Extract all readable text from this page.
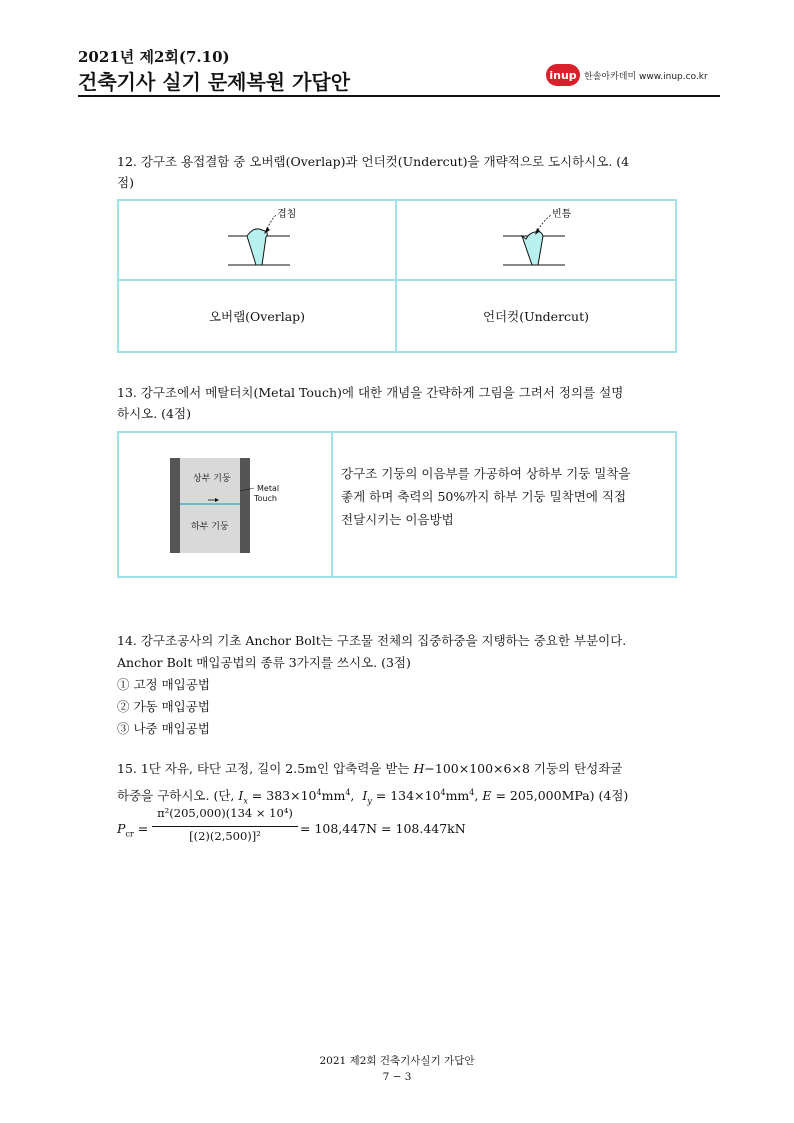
2021년 제2회(7.10)
건축기사 실기 문제복원 가답안	inup 한솔아카데미 www.inup.co.kr
12. 강구조 용접결함 중 오버랩(Overlap)과 언더컷(Undercut)을 개략적으로 도시하시오. (4
점)
겹침	빈틈
오버랩(Overlap)	언더컷(Undercut)
13. 강구조에서 메탈터치(Metal Touch)에 대한 개념을 간략하게 그림을 그려서 정의를 설명
하시오. (4점)
상부 기둥
하부 기둥
Metal
Touch
강구조 기둥의 이음부를 가공하여 상하부 기둥 밀착을
좋게 하며 축력의 50%까지 하부 기둥 밀착면에 직접
전달시키는 이음방법
14. 강구조공사의 기초 Anchor Bolt는 구조물 전체의 집중하중을 지탱하는 중요한 부분이다.
Anchor Bolt 매입공법의 종류 3가지를 쓰시오. (3점)
① 고정 매입공법
② 가동 매입공법
③ 나중 매입공법
15. 1단 자유, 타단 고정, 길이 2.5m인 압축력을 받는 H−100×100×6×8 기둥의 탄성좌굴
하중을 구하시오. (단, $I_x = 383\times 10^4mm^4$,  $I_y = 134\times 10^4mm^4$, E = 205,000MPa) (4점)
$P_{cr}$ =
π²(205,000)(134 × 10⁴)
[(2)(2,500)]²	= 108,447N = 108.447kN
2021 제2회 건축기사실기 가답안
7 − 3
